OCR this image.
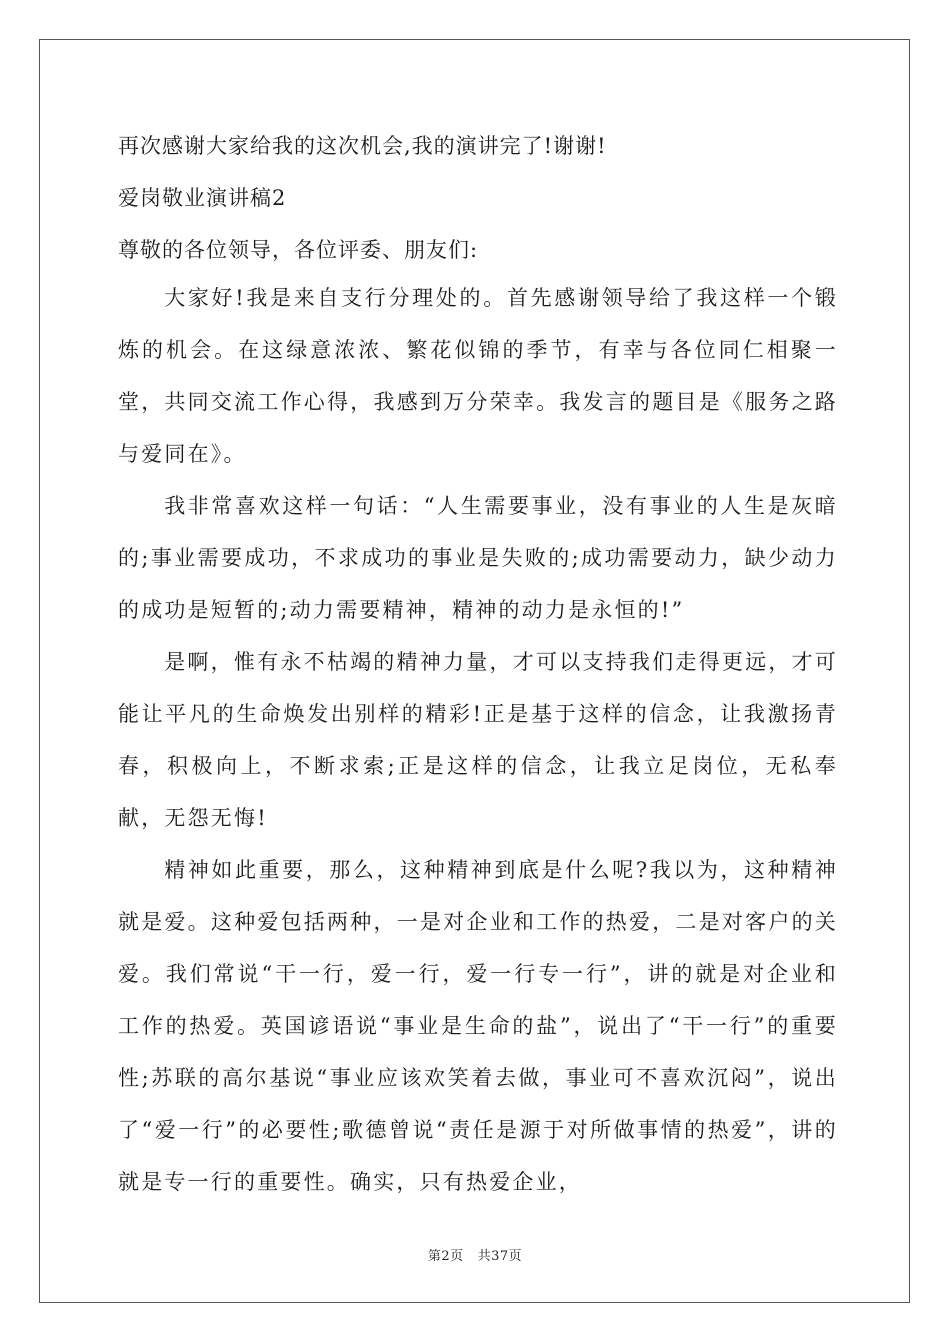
再次感谢大家给我的这次机会,我的演讲完了!谢谢!
爱岗敬业演讲稿2
尊敬的各位领导，各位评委、朋友们:

大家好!我是来自支行分理处的。首先感谢领导给了我这样一个锻炼的机会。在这绿意浓浓、繁花似锦的季节，有幸与各位同仁相聚一堂，共同交流工作心得，我感到万分荣幸。我发言的题目是《服务之路与爱同在》。

我非常喜欢这样一句话：“人生需要事业，没有事业的人生是灰暗的;事业需要成功，不求成功的事业是失败的;成功需要动力，缺少动力的成功是短暂的;动力需要精神，精神的动力是永恒的!”

是啊，惟有永不枯竭的精神力量，才可以支持我们走得更远，才可能让平凡的生命焕发出别样的精彩!正是基于这样的信念，让我激扬青春，积极向上，不断求索;正是这样的信念，让我立足岗位，无私奉献，无怨无悔!

精神如此重要，那么，这种精神到底是什么呢?我以为，这种精神就是爱。这种爱包括两种，一是对企业和工作的热爱，二是对客户的关爱。我们常说“干一行，爱一行，爱一行专一行”，讲的就是对企业和工作的热爱。英国谚语说“事业是生命的盐”，说出了“干一行”的重要性;苏联的高尔基说“事业应该欢笑着去做，事业可不喜欢沉闷”，说出了“爱一行”的必要性;歌德曾说“责任是源于对所做事情的热爱”，讲的就是专一行的重要性。确实，只有热爱企业，

第2页 共37页
